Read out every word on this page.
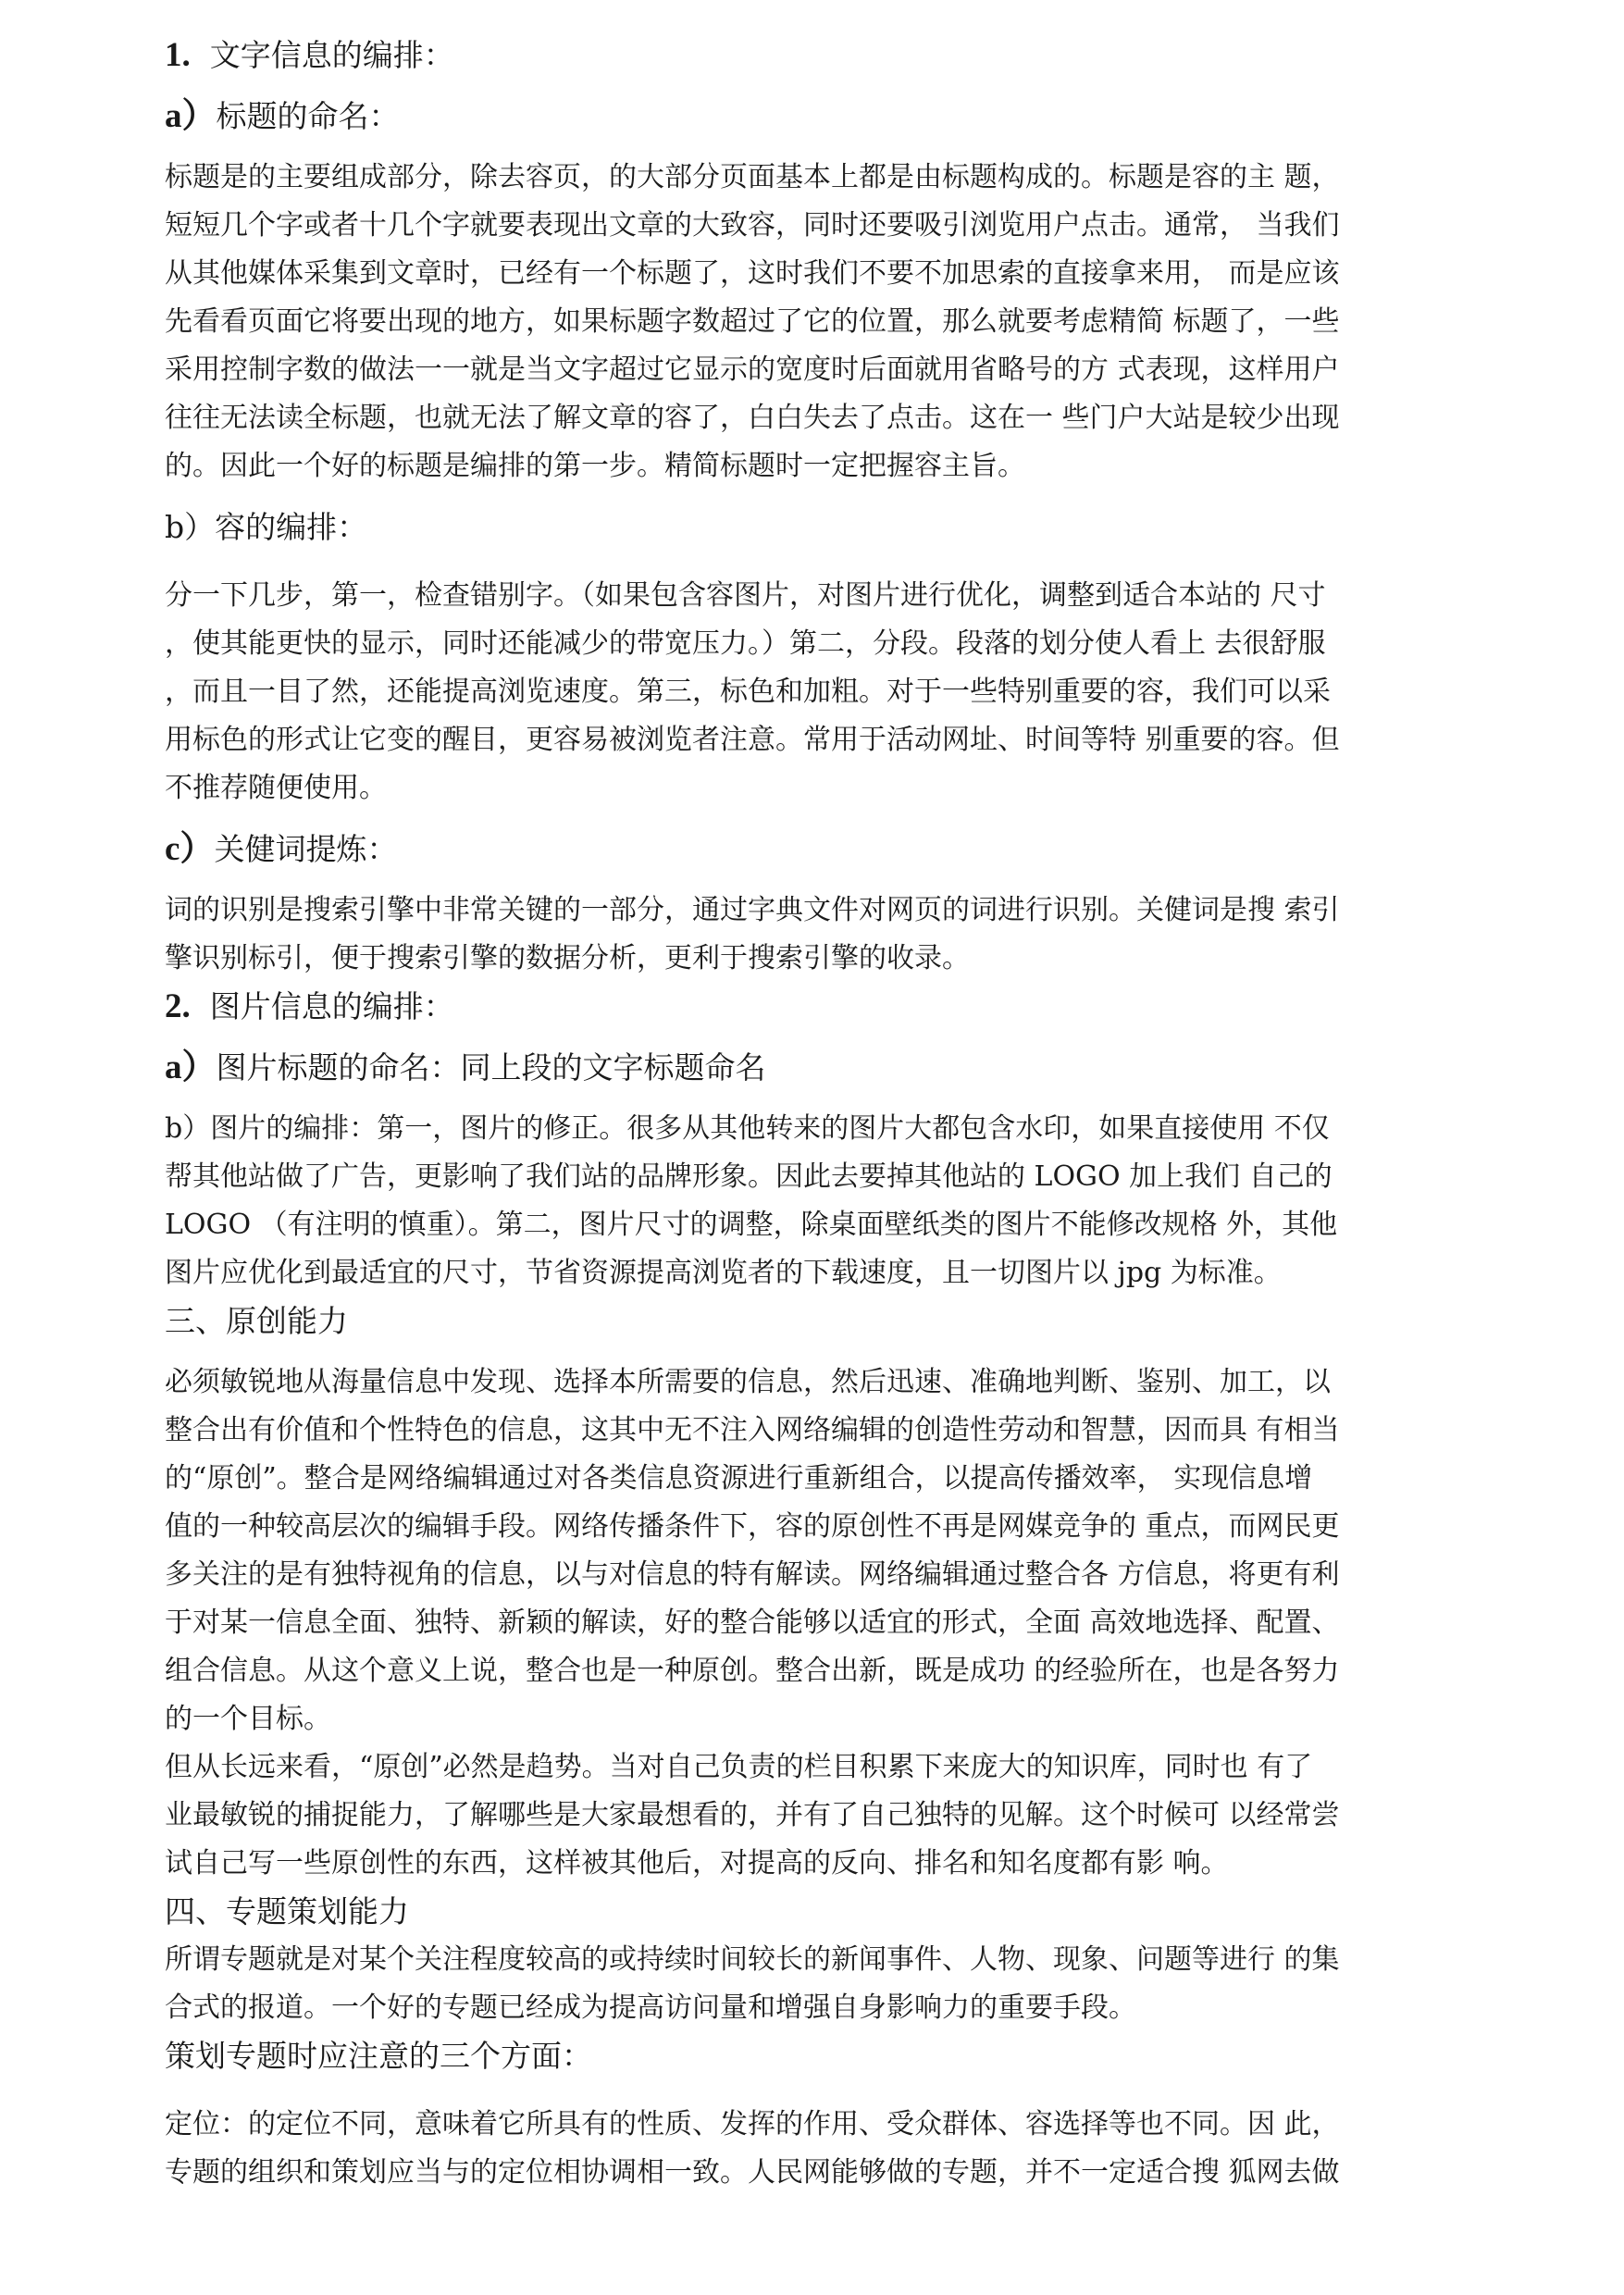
1. 文字信息的编排：
a）标题的命名：
标题是的主要组成部分，除去容页，的大部分页面基本上都是由标题构成的。标题是容的主 题，
短短几个字或者十几个字就要表现出文章的大致容，同时还要吸引浏览用户点击。通常， 当我们
从其他媒体采集到文章时，已经有一个标题了，这时我们不要不加思索的直接拿来用， 而是应该
先看看页面它将要出现的地方，如果标题字数超过了它的位置，那么就要考虑精简 标题了，一些
采用控制字数的做法一一就是当文字超过它显示的宽度时后面就用省略号的方 式表现，这样用户
往往无法读全标题，也就无法了解文章的容了，白白失去了点击。这在一 些门户大站是较少出现
的。因此一个好的标题是编排的第一步。精简标题时一定把握容主旨。
b）容的编排：
分一下几步，第一，检查错别字。（如果包含容图片，对图片进行优化，调整到适合本站的 尺寸
，使其能更快的显示，同时还能减少的带宽压力。）第二，分段。段落的划分使人看上 去很舒服
，而且一目了然，还能提高浏览速度。第三，标色和加粗。对于一些特别重要的容，我们可以采
用标色的形式让它变的醒目，更容易被浏览者注意。常用于活动网址、时间等特 别重要的容。但
不推荐随便使用。
c）关健词提炼：
词的识别是搜索引擎中非常关键的一部分，通过字典文件对网页的词进行识别。关健词是搜 索引
擎识别标引，便于搜索引擎的数据分析，更利于搜索引擎的收录。
2. 图片信息的编排：
a）图片标题的命名：同上段的文字标题命名
b）图片的编排：第一，图片的修正。很多从其他转来的图片大都包含水印，如果直接使用 不仅
帮其他站做了广告，更影响了我们站的品牌形象。因此去要掉其他站的 LOGO 加上我们 自己的
LOGO （有注明的慎重）。第二，图片尺寸的调整，除桌面壁纸类的图片不能修改规格 外，其他
图片应优化到最适宜的尺寸，节省资源提高浏览者的下载速度，且一切图片以 jpg 为标准。
三、原创能力
必须敏锐地从海量信息中发现、选择本所需要的信息，然后迅速、准确地判断、鉴别、加工，以
整合出有价值和个性特色的信息，这其中无不注入网络编辑的创造性劳动和智慧，因而具 有相当
的“原创”。整合是网络编辑通过对各类信息资源进行重新组合，以提高传播效率， 实现信息增
值的一种较高层次的编辑手段。网络传播条件下，容的原创性不再是网媒竞争的 重点，而网民更
多关注的是有独特视角的信息，以与对信息的特有解读。网络编辑通过整合各 方信息，将更有利
于对某一信息全面、独特、新颖的解读，好的整合能够以适宜的形式，全面 高效地选择、配置、
组合信息。从这个意义上说，整合也是一种原创。整合出新，既是成功 的经验所在，也是各努力
的一个目标。
但从长远来看，“原创”必然是趋势。当对自己负责的栏目积累下来庞大的知识库，同时也 有了
业最敏锐的捕捉能力，了解哪些是大家最想看的，并有了自己独特的见解。这个时候可 以经常尝
试自己写一些原创性的东西，这样被其他后，对提高的反向、排名和知名度都有影 响。
四、专题策划能力
所谓专题就是对某个关注程度较高的或持续时间较长的新闻事件、人物、现象、问题等进行 的集
合式的报道。一个好的专题已经成为提高访问量和增强自身影响力的重要手段。
策划专题时应注意的三个方面：
定位：的定位不同，意味着它所具有的性质、发挥的作用、受众群体、容选择等也不同。因 此，
专题的组织和策划应当与的定位相协调相一致。人民网能够做的专题，并不一定适合搜 狐网去做
